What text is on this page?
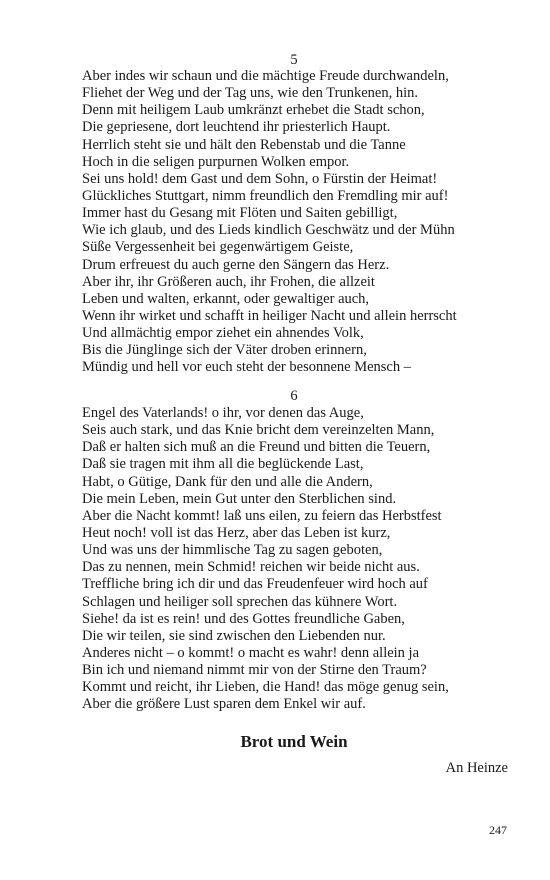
5
Aber indes wir schaun und die mächtige Freude durchwandeln,
Fliehet der Weg und der Tag uns, wie den Trunkenen, hin.
Denn mit heiligem Laub umkränzt erhebet die Stadt schon,
Die gepriesene, dort leuchtend ihr priesterlich Haupt.
Herrlich steht sie und hält den Rebenstab und die Tanne
Hoch in die seligen purpurnen Wolken empor.
Sei uns hold! dem Gast und dem Sohn, o Fürstin der Heimat!
Glückliches Stuttgart, nimm freundlich den Fremdling mir auf!
Immer hast du Gesang mit Flöten und Saiten gebilligt,
Wie ich glaub, und des Lieds kindlich Geschwätz und der Mühn
Süße Vergessenheit bei gegenwärtigem Geiste,
Drum erfreuest du auch gerne den Sängern das Herz.
Aber ihr, ihr Größeren auch, ihr Frohen, die allzeit
Leben und walten, erkannt, oder gewaltiger auch,
Wenn ihr wirket und schafft in heiliger Nacht und allein herrscht
Und allmächtig empor ziehet ein ahnendes Volk,
Bis die Jünglinge sich der Väter droben erinnern,
Mündig und hell vor euch steht der besonnene Mensch –
6
Engel des Vaterlands! o ihr, vor denen das Auge,
Seis auch stark, und das Knie bricht dem vereinzelten Mann,
Daß er halten sich muß an die Freund und bitten die Teuern,
Daß sie tragen mit ihm all die beglückende Last,
Habt, o Gütige, Dank für den und alle die Andern,
Die mein Leben, mein Gut unter den Sterblichen sind.
Aber die Nacht kommt! laß uns eilen, zu feiern das Herbstfest
Heut noch! voll ist das Herz, aber das Leben ist kurz,
Und was uns der himmlische Tag zu sagen geboten,
Das zu nennen, mein Schmid! reichen wir beide nicht aus.
Treffliche bring ich dir und das Freudenfeuer wird hoch auf
Schlagen und heiliger soll sprechen das kühnere Wort.
Siehe! da ist es rein! und des Gottes freundliche Gaben,
Die wir teilen, sie sind zwischen den Liebenden nur.
Anderes nicht – o kommt! o macht es wahr! denn allein ja
Bin ich und niemand nimmt mir von der Stirne den Traum?
Kommt und reicht, ihr Lieben, die Hand! das möge genug sein,
Aber die größere Lust sparen dem Enkel wir auf.
Brot und Wein
An Heinze
247
